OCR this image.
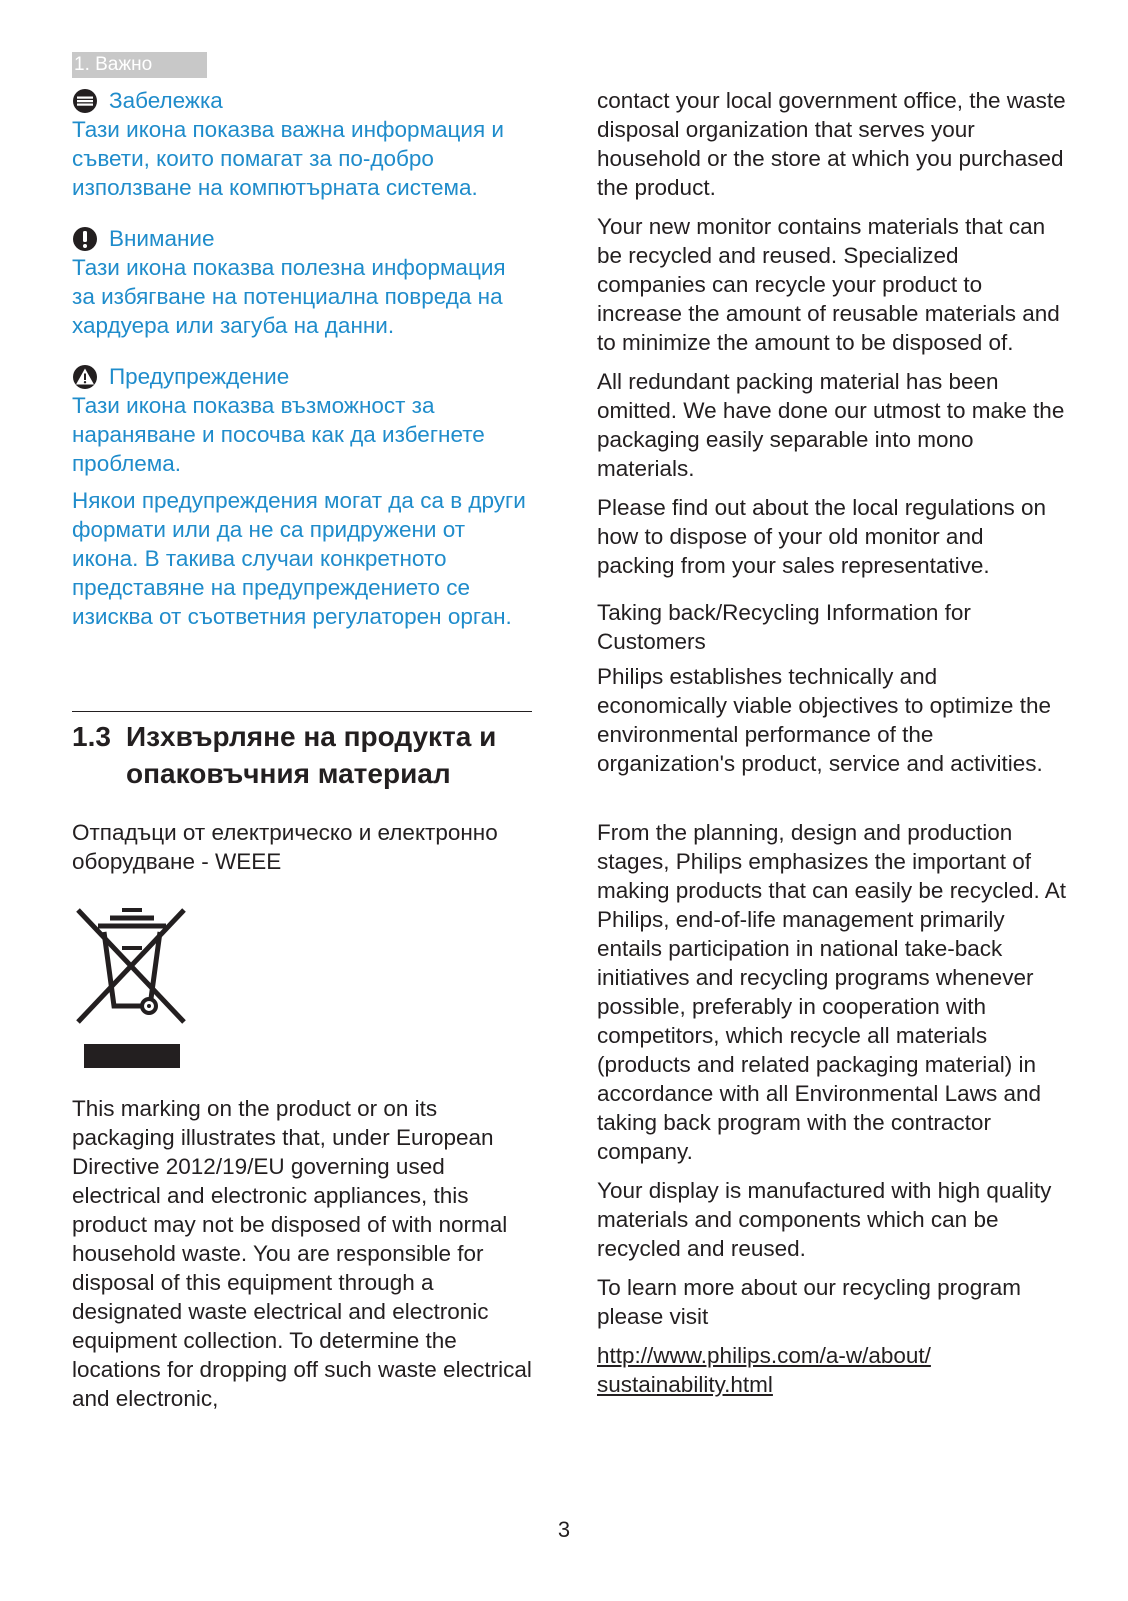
1. Важно
Забележка

Тази икона показва важна информация и съвети, които помагат за по-добро използване на компютърната система.

Внимание

Тази икона показва полезна информация за избягване на потенциална повреда на хардуера или загуба на данни.

Предупреждение

Тази икона показва възможност за нараняване и посочва как да избегнете проблема.

Някои предупреждения могат да са в други формати или да не са придружени от икона. В такива случаи конкретното представяне на предупреждението се изисква от съответния регулаторен орган.

1.3 Изхвърляне на продукта и опаковъчния материал

Отпадъци от електрическо и електронно оборудване - WEEE

This marking on the product or on its packaging illustrates that, under European Directive 2012/19/EU governing used electrical and electronic appliances, this product may not be disposed of with normal household waste. You are responsible for disposal of this equipment through a designated waste electrical and electronic equipment collection. To determine the locations for dropping off such waste electrical and electronic,

contact your local government office, the waste disposal organization that serves your household or the store at which you purchased the product.

Your new monitor contains materials that can be recycled and reused. Specialized companies can recycle your product to increase the amount of reusable materials and to minimize the amount to be disposed of.

All redundant packing material has been omitted. We have done our utmost to make the packaging easily separable into mono materials.

Please find out about the local regulations on how to dispose of your old monitor and packing from your sales representative.

Taking back/Recycling Information for Customers

Philips establishes technically and economically viable objectives to optimize the environmental performance of the organization's product, service and activities.

From the planning, design and production stages, Philips emphasizes the important of making products that can easily be recycled. At Philips, end-of-life management primarily entails participation in national take-back initiatives and recycling programs whenever possible, preferably in cooperation with competitors, which recycle all materials (products and related packaging material) in accordance with all Environmental Laws and taking back program with the contractor company.

Your display is manufactured with high quality materials and components which can be recycled and reused.

To learn more about our recycling program please visit

http://www.philips.com/a-w/about/
sustainability.html

3
